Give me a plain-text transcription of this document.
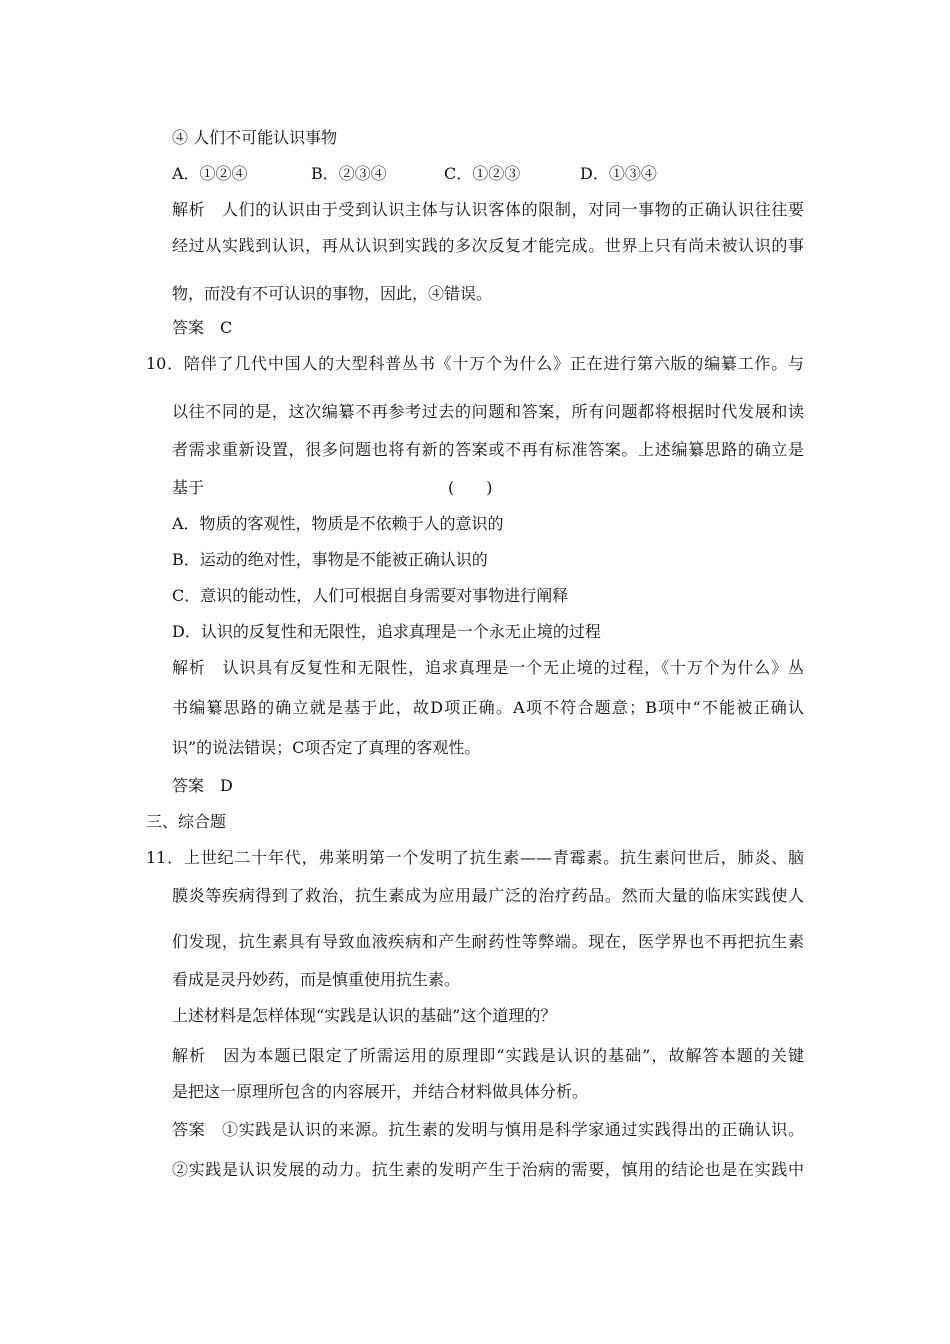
④ 人们不可能认识事物
A．①②④	B．②③④	C．①②③	D．①③④
解析　人们的认识由于受到认识主体与认识客体的限制，对同一事物的正确认识往往要
经过从实践到认识，再从认识到实践的多次反复才能完成。世界上只有尚未被认识的事
物，而没有不可认识的事物，因此，④错误。
答案　C
10．陪伴了几代中国人的大型科普丛书《十万个为什么》正在进行第六版的编纂工作。与
以往不同的是，这次编纂不再参考过去的问题和答案，所有问题都将根据时代发展和读
者需求重新设置，很多问题也将有新的答案或不再有标准答案。上述编纂思路的确立是
基于	(　　)
A．物质的客观性，物质是不依赖于人的意识的
B．运动的绝对性，事物是不能被正确认识的
C．意识的能动性，人们可根据自身需要对事物进行阐释
D．认识的反复性和无限性，追求真理是一个永无止境的过程
解析　认识具有反复性和无限性，追求真理是一个无止境的过程，《十万个为什么》丛
书编纂思路的确立就是基于此，故D项正确。A项不符合题意；B项中“不能被正确认
识”的说法错误；C项否定了真理的客观性。
答案　D
三、综合题
11．上世纪二十年代，弗莱明第一个发明了抗生素——青霉素。抗生素问世后，肺炎、脑
膜炎等疾病得到了救治，抗生素成为应用最广泛的治疗药品。然而大量的临床实践使人
们发现，抗生素具有导致血液疾病和产生耐药性等弊端。现在，医学界也不再把抗生素
看成是灵丹妙药，而是慎重使用抗生素。
上述材料是怎样体现“实践是认识的基础”这个道理的？
解析　因为本题已限定了所需运用的原理即“实践是认识的基础”，故解答本题的关键
是把这一原理所包含的内容展开，并结合材料做具体分析。
答案　①实践是认识的来源。抗生素的发明与慎用是科学家通过实践得出的正确认识。
②实践是认识发展的动力。抗生素的发明产生于治病的需要，慎用的结论也是在实践中
